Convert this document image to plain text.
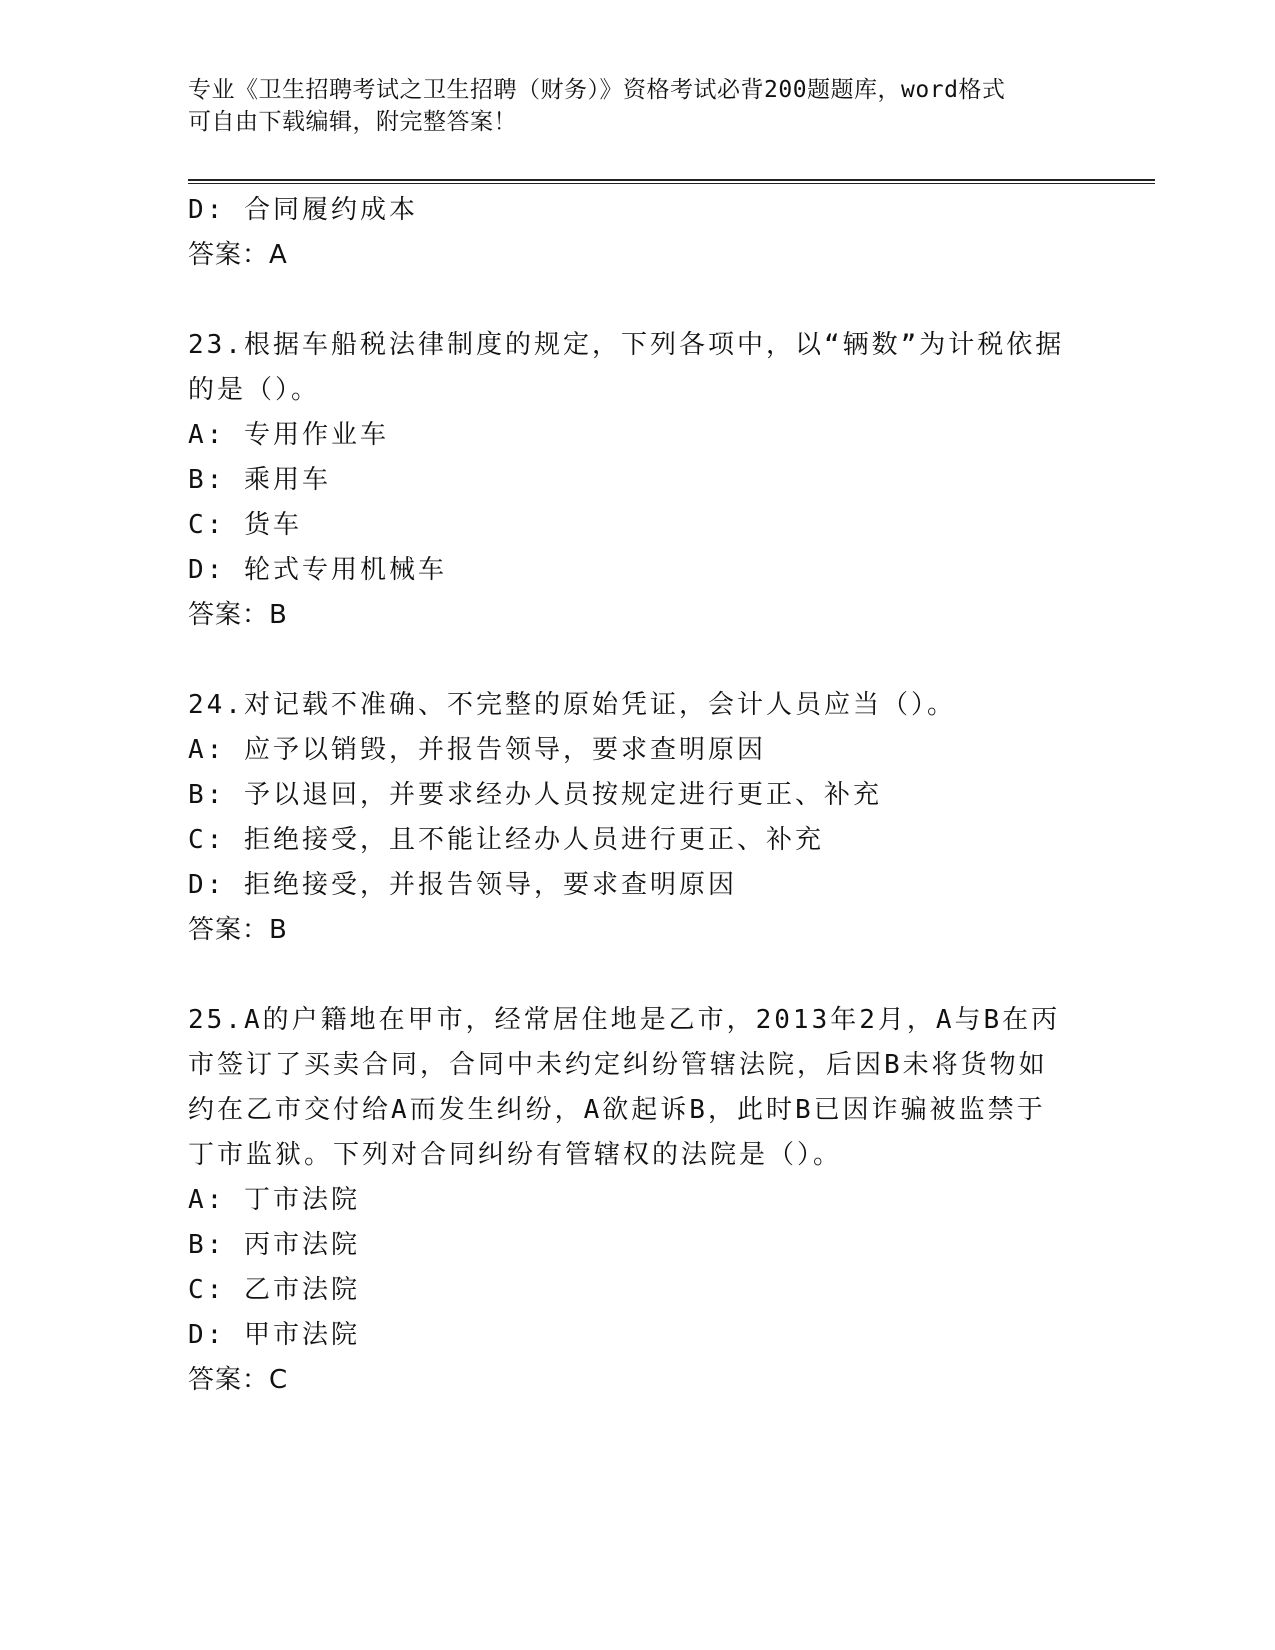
专业《卫生招聘考试之卫生招聘（财务）》资格考试必背200题题库，word格式
可自由下载编辑，附完整答案！
D: 合同履约成本
答案：A
23.根据车船税法律制度的规定，下列各项中，以“辆数”为计税依据
的是（）。
A: 专用作业车
B: 乘用车
C: 货车
D: 轮式专用机械车
答案：B
24.对记载不准确、不完整的原始凭证，会计人员应当（）。
A: 应予以销毁，并报告领导，要求查明原因
B: 予以退回，并要求经办人员按规定进行更正、补充
C: 拒绝接受，且不能让经办人员进行更正、补充
D: 拒绝接受，并报告领导，要求查明原因
答案：B
25.A的户籍地在甲市，经常居住地是乙市，2013年2月，A与B在丙
市签订了买卖合同，合同中未约定纠纷管辖法院，后因B未将货物如
约在乙市交付给A而发生纠纷，A欲起诉B，此时B已因诈骗被监禁于
丁市监狱。下列对合同纠纷有管辖权的法院是（）。
A: 丁市法院
B: 丙市法院
C: 乙市法院
D: 甲市法院
答案：C
